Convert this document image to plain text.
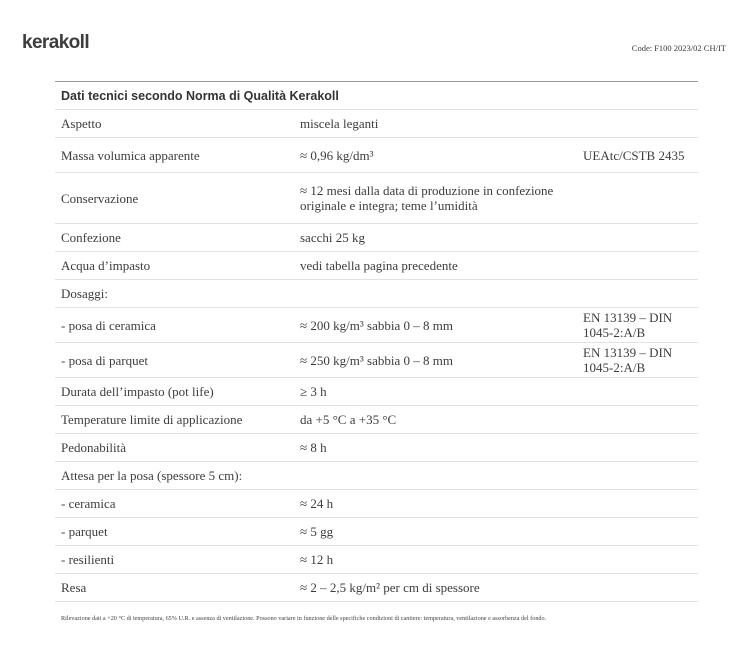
kerakoll	Code: F100 2023/02 CH/IT
Dati tecnici secondo Norma di Qualità Kerakoll
Aspetto	miscela leganti
Massa volumica apparente	≈ 0,96 kg/dm³	UEAtc/CSTB 2435
Conservazione	≈ 12 mesi dalla data di produzione in confezione originale e integra; teme l’umidità
Confezione	sacchi 25 kg
Acqua d’impasto	vedi tabella pagina precedente
Dosaggi:
- posa di ceramica	≈ 200 kg/m³ sabbia 0 – 8 mm	EN 13139 – DIN 1045-2:A/B
- posa di parquet	≈ 250 kg/m³ sabbia 0 – 8 mm	EN 13139 – DIN 1045-2:A/B
Durata dell’impasto (pot life)	≥ 3 h
Temperature limite di applicazione	da +5 °C a +35 °C
Pedonabilità	≈ 8 h
Attesa per la posa (spessore 5 cm):
- ceramica	≈ 24 h
- parquet	≈ 5 gg
- resilienti	≈ 12 h
Resa	≈ 2 – 2,5 kg/m² per cm di spessore
Rilevazione dati a +20 °C di temperatura, 65% U.R. e assenza di ventilazione. Possono variare in funzione delle specifiche condizioni di cantiere: temperatura, ventilazione e assorbenza del fondo.
